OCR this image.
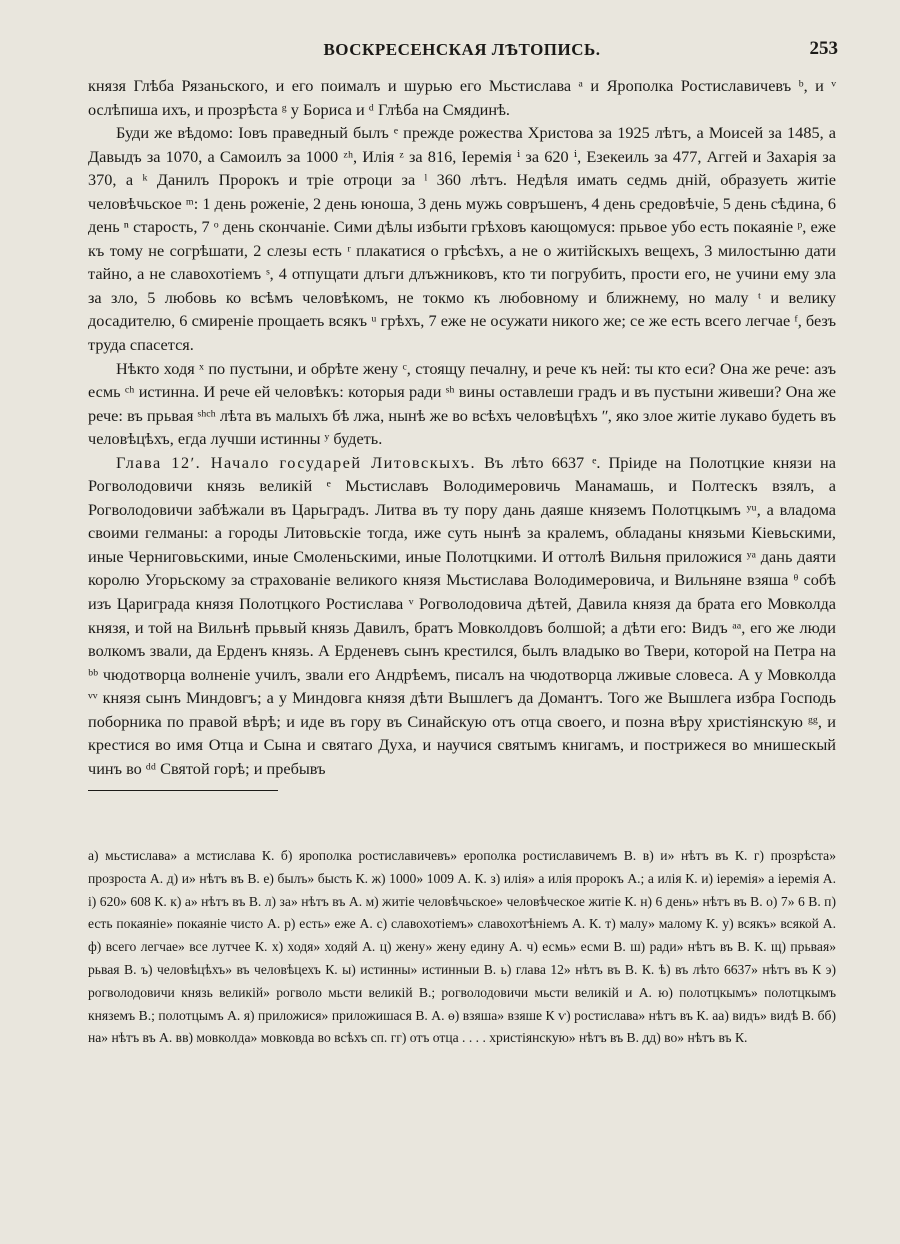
ВОСКРЕСЕНСКАЯ ЛѢТОПИСЬ.	253

князя Глѣба Рязаньского, и его поималъ и шурью его Мьстислава ᵃ и Ярополка Ростиславичевъ ᵇ, и ᵛ ослѣпиша ихъ, и прозрѣста ᵍ у Бориса и ᵈ Глѣба на Смядинѣ.

Буди же вѣдомо: Іовъ праведный былъ ᵉ прежде рожества Христова за 1925 лѣтъ, а Моисей за 1485, а Давыдъ за 1070, а Самоилъ за 1000 ᶻʰ, Илія ᶻ за 816, Іеремія ⁱ за 620 ⁱ, Езекеиль за 477, Аггей и Захарія за 370, а ᵏ Данилъ Пророкъ и тріе отроци за ˡ 360 лѣтъ. Недѣля имать седмь дній, образуеть житіе человѣчьское ᵐ: 1 день роженіе, 2 день юноша, 3 день мужь совръшенъ, 4 день средовѣчіе, 5 день сѣдина, 6 день ⁿ старость, 7 ᵒ день скончаніе. Сими дѣлы избыти грѣховъ кающомуся: прьвое убо есть покаяніе ᵖ, еже къ тому не согрѣшати, 2 слезы есть ʳ плакатися о грѣсѣхъ, а не о житійскыхъ вещехъ, 3 милостыню дати тайно, а не славохотіемъ ˢ, 4 отпущати длъги длъжниковъ, кто ти погрубить, прости его, не учини ему зла за зло, 5 любовь ко всѣмъ человѣкомъ, не токмо къ любовному и ближнему, но малу ᵗ и велику досадителю, 6 смиреніе прощаеть всякъ ᵘ грѣхъ, 7 еже не осужати никого же; се же есть всего легчае ᶠ, безъ труда спасется.

Нѣкто ходя ˣ по пустыни, и обрѣте жену ᶜ, стоящу печалну, и рече къ ней: ты кто еси? Она же рече: азъ есмь ᶜʰ истинна. И рече ей человѣкъ: которыя ради ˢʰ вины оставлеши градъ и въ пустыни живеши? Она же рече: въ прьвая ˢʰᶜʰ лѣта въ малыхъ бѣ лжа, нынѣ же во всѣхъ человѣцѣхъ ʺ, яко злое житіе лукаво будеть въ человѣцѣхъ, егда лучши истинны ʸ будеть.

Глава 12ʹ. Начало государей Литовскыхъ. Въ лѣто 6637 ᵉ. Пріиде на Полотцкие князи на Рогволодовичи князь великій ᵉ Мьстиславъ Володимеровичь Манамашь, и Полтескъ взялъ, а Рогволодовичи забѣжали въ Царьградъ. Литва въ ту пору дань даяше княземъ Полотцкымъ ʸᵘ, а владома своими гелманы: а городы Литовьскіе тогда, иже суть нынѣ за кралемъ, обладаны князьми Кіевьскими, иные Черниговьскими, иные Смоленьскими, иные Полотцкими. И оттолѣ Вильня приложися ʸᵃ дань даяти королю Угорьскому за страхованіе великого князя Мьстислава Володимеровича, и Вильняне взяша ᶿ собѣ изъ Цариграда князя Полотцкого Ростислава ᵛ Рогволодовича дѣтей, Давила князя да брата его Мовколда князя, и той на Вильнѣ прьвый князь Давилъ, братъ Мовколдовъ болшой; а дѣти его: Видъ ᵃᵃ, его же люди волкомъ звали, да Ерденъ князь. А Ерденевъ сынъ крестился, былъ владыко во Твери, которой на Петра на ᵇᵇ чюдотворца волненіе училъ, звали его Андрѣемъ, писалъ на чюдотворца лживые словеса. А у Мовколда ᵛᵛ князя сынъ Миндовгъ; а у Миндовга князя дѣти Вышлегъ да Домантъ. Того же Вышлега избра Господь поборника по правой вѣрѣ; и иде въ гору въ Синайскую отъ отца своего, и позна вѣру христіянскую ᵍᵍ, и крестися во имя Отца и Сына и святаго Духа, и научися святымъ книгамъ, и пострижеся во мнишескый чинъ во ᵈᵈ Святой горѣ; и пребывъ

а) мьстислава» а мстислава К. б) ярополка ростиславичевъ» ерополка ростиславичемъ В. в) и» нѣтъ въ К. г) прозрѣста» прозроста А. д) и» нѣтъ въ В. е) былъ» бысть К. ж) 1000» 1009 А. К. з) илія» а илія пророкъ А.; а илія К. и) іеремія» а іеремія А. і) 620» 608 К. к) а» нѣтъ въ В. л) за» нѣтъ въ А. м) житіе человѣчьское» человѣческое житіе К. н) 6 день» нѣтъ въ В. о) 7» 6 В. п) есть покаяніе» покаяніе чисто А. р) есть» еже А. с) славохотіемъ» славохотѣніемъ А. К. т) малу» малому К. у) всякъ» всякой А. ф) всего легчае» все лутчее К. х) ходя» ходяй А. ц) жену» жену едину А. ч) есмь» есми В. ш) ради» нѣтъ въ В. К. щ) прьвая» рьвая В. ъ) человѣцѣхъ» въ человѣцехъ К. ы) истинны» истинныи В. ь) глава 12» нѣтъ въ В. К. ѣ) въ лѣто 6637» нѣтъ въ К э) рогволодовичи князь великій» рогволо мьсти великій В.; рогволодовичи мьсти великій и А. ю) полотцкымъ» полотцкымъ княземъ В.; полотцымъ А. я) приложися» приложишася В. А. ѳ) взяша» взяше К ѵ) ростислава» нѣтъ въ К. аа) видъ» видѣ В. бб) на» нѣтъ въ А. вв) мовколда» мовковда во всѣхъ сп. гг) отъ отца . . . . христіянскую» нѣтъ въ В. дд) во» нѣтъ въ К.
